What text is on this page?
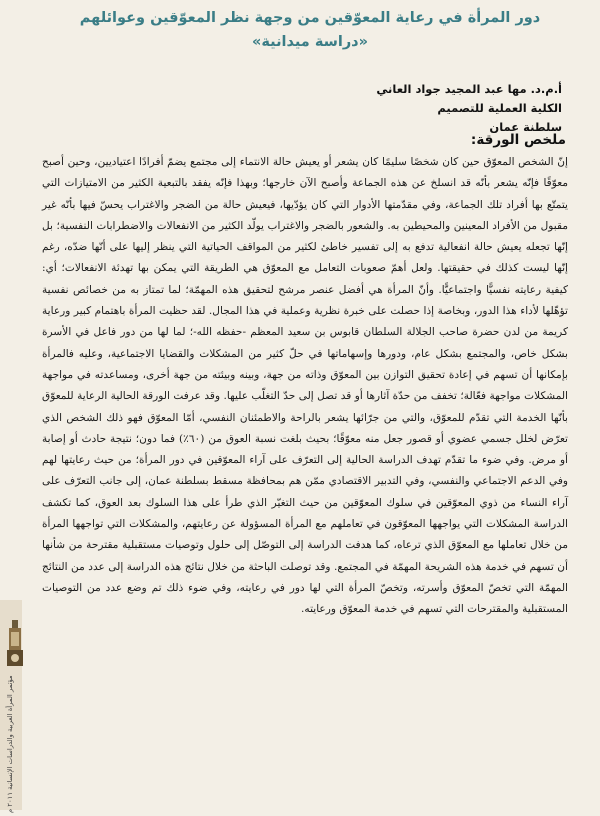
دور المرأة في رعاية المعوّقين من وجهة نظر المعوّقين وعوائلهم
«دراسة ميدانية»
أ.م.د. مها عبد المجيد جواد العاني
الكلية العملية للتصميم
سلطنة عمان
ملخص الورقة:
إنّ الشخص المعوّق حين كان شخصًا سليمًا كان يشعر أو يعيش حالة الانتماء إلى مجتمع يضمّ أفرادًا اعتياديين، وحين أصبح معوّقًا فإنّه يشعر بأنّه قد انسلخ عن هذه الجماعة وأصبح الآن خارجها؛ وبهذا فإنّه يفقد بالتبعية الكثير من الامتيازات التي يتمتّع بها أفراد تلك الجماعة، وفي مقدّمتها الأدوار التي كان يؤدّيها، فيعيش حالة من الضجر والاغتراب يحسّ فيها بأنّه غير مقبول من الأفراد المعينين والمحيطين به. والشعور بالضجر والاغتراب يولّد الكثير من الانفعالات والاضطرابات النفسية؛ بل إنّها تجعله يعيش حالة انفعالية تدفع به إلى تفسير خاطئ لكثير من المواقف الحياتية التي ينظر إليها على أنّها ضدّه، رغم إنّها ليست كذلك في حقيقتها. ولعل أهمّ صعوبات التعامل مع المعوّق هي الطريقة التي يمكن بها تهدئة الانفعالات؛ أي: كيفية رعايته نفسيًّا واجتماعيًّا. وأنّ المرأة هي أفضل عنصر مرشح لتحقيق هذه المهمّة؛ لما تمتاز به من خصائص نفسية تؤهّلها لأداء هذا الدور، وبخاصة إذا حصلت على خبرة نظرية وعملية في هذا المجال. لقد حظيت المرأة باهتمام كبير ورعاية كريمة من لدن حضرة صاحب الجلالة السلطان قابوس بن سعيد المعظم -حفظه الله-؛ لما لها من دور فاعل في الأسرة بشكل خاص، والمجتمع بشكل عام، ودورها وإسهاماتها في حلّ كثير من المشكلات والقضايا الاجتماعية، وعليه فالمرأة بإمكانها أن تسهم في إعادة تحقيق التوازن بين المعوّق وذاته من جهة، وبينه وبيئته من جهة أخرى، ومساعدته في مواجهة المشكلات مواجهة فعّالة؛ تخفف من حدّة آثارها أو قد تصل إلى حدّ التغلّب عليها. وقد عرفت الورقة الحالية الرعاية للمعوّق بأنّها الخدمة التي تقدّم للمعوّق، والتي من جرّائها يشعر بالراحة والاطمئنان النفسي، أمّا المعوّق فهو ذلك الشخص الذي تعرّض لخلل جسمي عضوي أو قصور جعل منه معوّقًا؛ بحيث بلغت نسبة العوق من (٦٠٪) فما دون؛ نتيجة حادث أو إصابة أو مرض. وفي ضوء ما تقدّم تهدف الدراسة الحالية إلى التعرّف على آراء المعوّقين في دور المرأة؛ من حيث رعايتها لهم وفي الدعم الاجتماعي والنفسي، وفي التدبير الاقتصادي ممّن هم بمحافظة مسقط بسلطنة عمان، إلى جانب التعرّف على آراء النساء من ذوي المعوّقين في سلوك المعوّقين من حيث التغيّر الذي طرأ على هذا السلوك بعد العوق، كما تكشف الدراسة المشكلات التي يواجهها المعوّقون في تعاملهم مع المرأة المسؤولة عن رعايتهم، والمشكلات التي تواجهها المرأة من خلال تعاملها مع المعوّق الذي ترعاه، كما هدفت الدراسة إلى التوصّل إلى حلول وتوصيات مستقبلية مقترحة من شأنها أن تسهم في خدمة هذه الشريحة المهمّة في المجتمع. وقد توصلت الباحثة من خلال نتائج هذه الدراسة إلى عدد من النتائج المهمّة التي تخصّ المعوّق وأسرته، وتخصّ المرأة التي لها دور في رعايته، وفي ضوء ذلك تم وضع عدد من التوصيات المستقبلية والمقترحات التي تسهم في خدمة المعوّق ورعايته.
مؤتمر المرأة العربية والدراسات الإنسانية ٢٠١١ م
